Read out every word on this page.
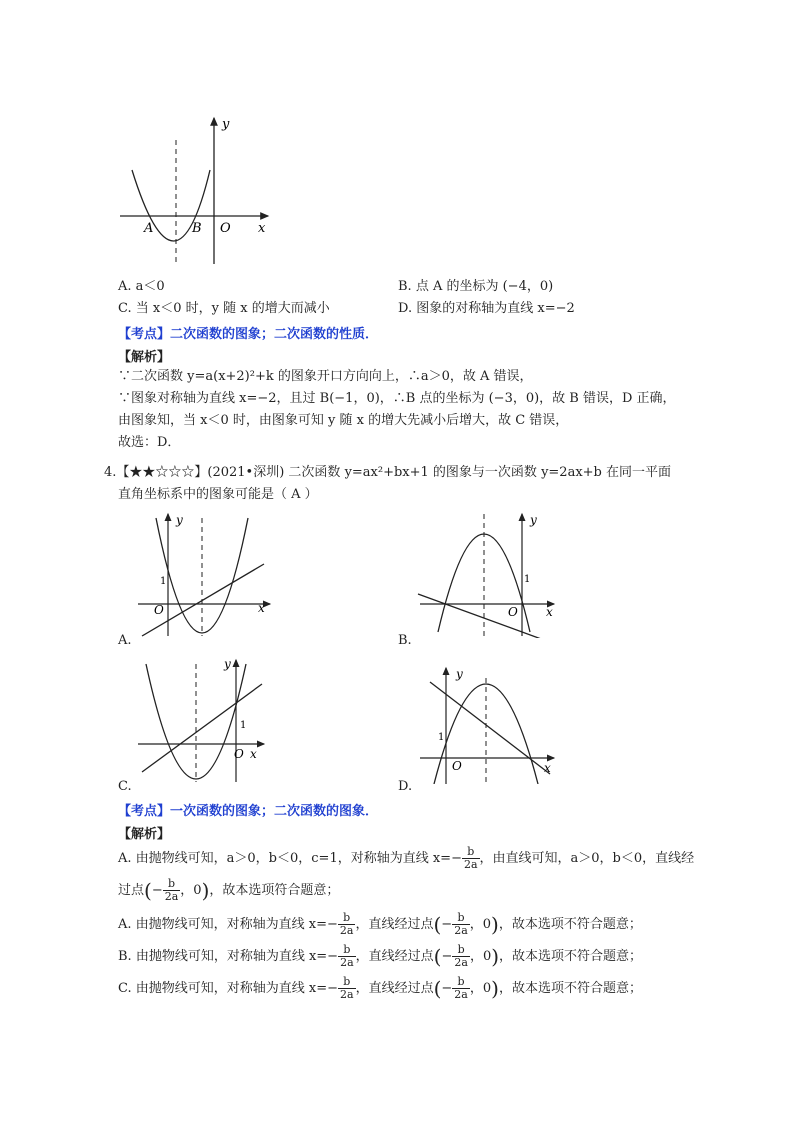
y
x
A	B O
A. a＜0	B. 点 A 的坐标为 (−4，0)
C. 当 x＜0 时，y 随 x 的增大而减小	D. 图象的对称轴为直线 x=−2
【考点】二次函数的图象；二次函数的性质．
【解析】
∵二次函数 y=a(x+2)²+k 的图象开口方向向上，∴a＞0，故 A 错误，
∵图象对称轴为直线 x=−2，且过 B(−1，0)，∴B 点的坐标为 (−3，0)，故 B 错误，D 正确，
由图象知，当 x＜0 时，由图象可知 y 随 x 的增大先减小后增大，故 C 错误，
故选：D．
4.【★★☆☆☆】(2021•深圳) 二次函数 y=ax²+bx+1 的图象与一次函数 y=2ax+b 在同一平面
直角坐标系中的图象可能是（ A ）
y
x
O
1
A.
y
x
O
1
B.
y
x
O
1
C.
y
x
O
1
D.
【考点】一次函数的图象；二次函数的图象．
【解析】
A. 由抛物线可知，a＞0，b＜0，c=1，对称轴为直线 $x=- \frac{b}{2a}$ ，由直线可知，a＞0，b＜0，直线经
过点(− $\frac{b}{2a}$ ，0)，故本选项符合题意；
A. 由抛物线可知，对称轴为直线 $x=- \frac{b}{2a}$ ，直线经过点(− $\frac{b}{2a}$ ，0)，故本选项不符合题意；
B. 由抛物线可知，对称轴为直线 $x=- \frac{b}{2a}$ ，直线经过点(− $\frac{b}{2a}$ ，0)，故本选项不符合题意；
C. 由抛物线可知，对称轴为直线 $x=- \frac{b}{2a}$ ，直线经过点(− $\frac{b}{2a}$ ，0)，故本选项不符合题意；
